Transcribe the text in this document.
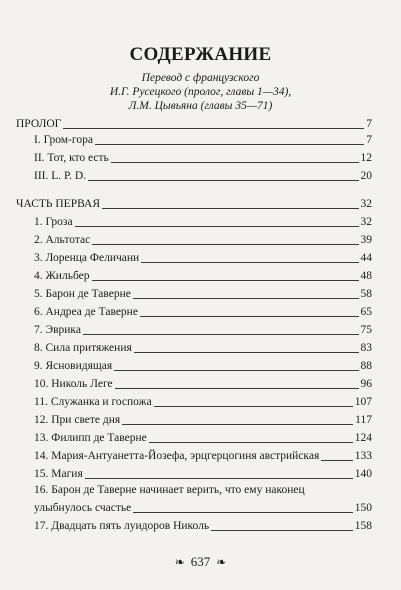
СОДЕРЖАНИЕ
Перевод с французского
И.Г. Русецкого (пролог, главы 1—34),
Л.М. Цывьяна (главы 35—71)
ПРОЛОГ	7
I. Гром-гора	7
II. Тот, кто есть	12
III. L. P. D.	20
ЧАСТЬ ПЕРВАЯ	32
1. Гроза	32
2. Альтотас	39
3. Лоренца Феличани	44
4. Жильбер	48
5. Барон де Таверне	58
6. Андреа де Таверне	65
7. Эврика	75
8. Сила притяжения	83
9. Ясновидящая	88
10. Николь Леге	96
11. Служанка и госпожа	107
12. При свете дня	117
13. Филипп де Таверне	124
14. Мария-Антуанетта-Йозефа, эрцгерцогиня австрийская	133
15. Магия	140
16. Барон де Таверне начинает верить, что ему наконец
улыбнулось счастье	150
17. Двадцать пять луидоров Николь	158
❧ 637 ❧
